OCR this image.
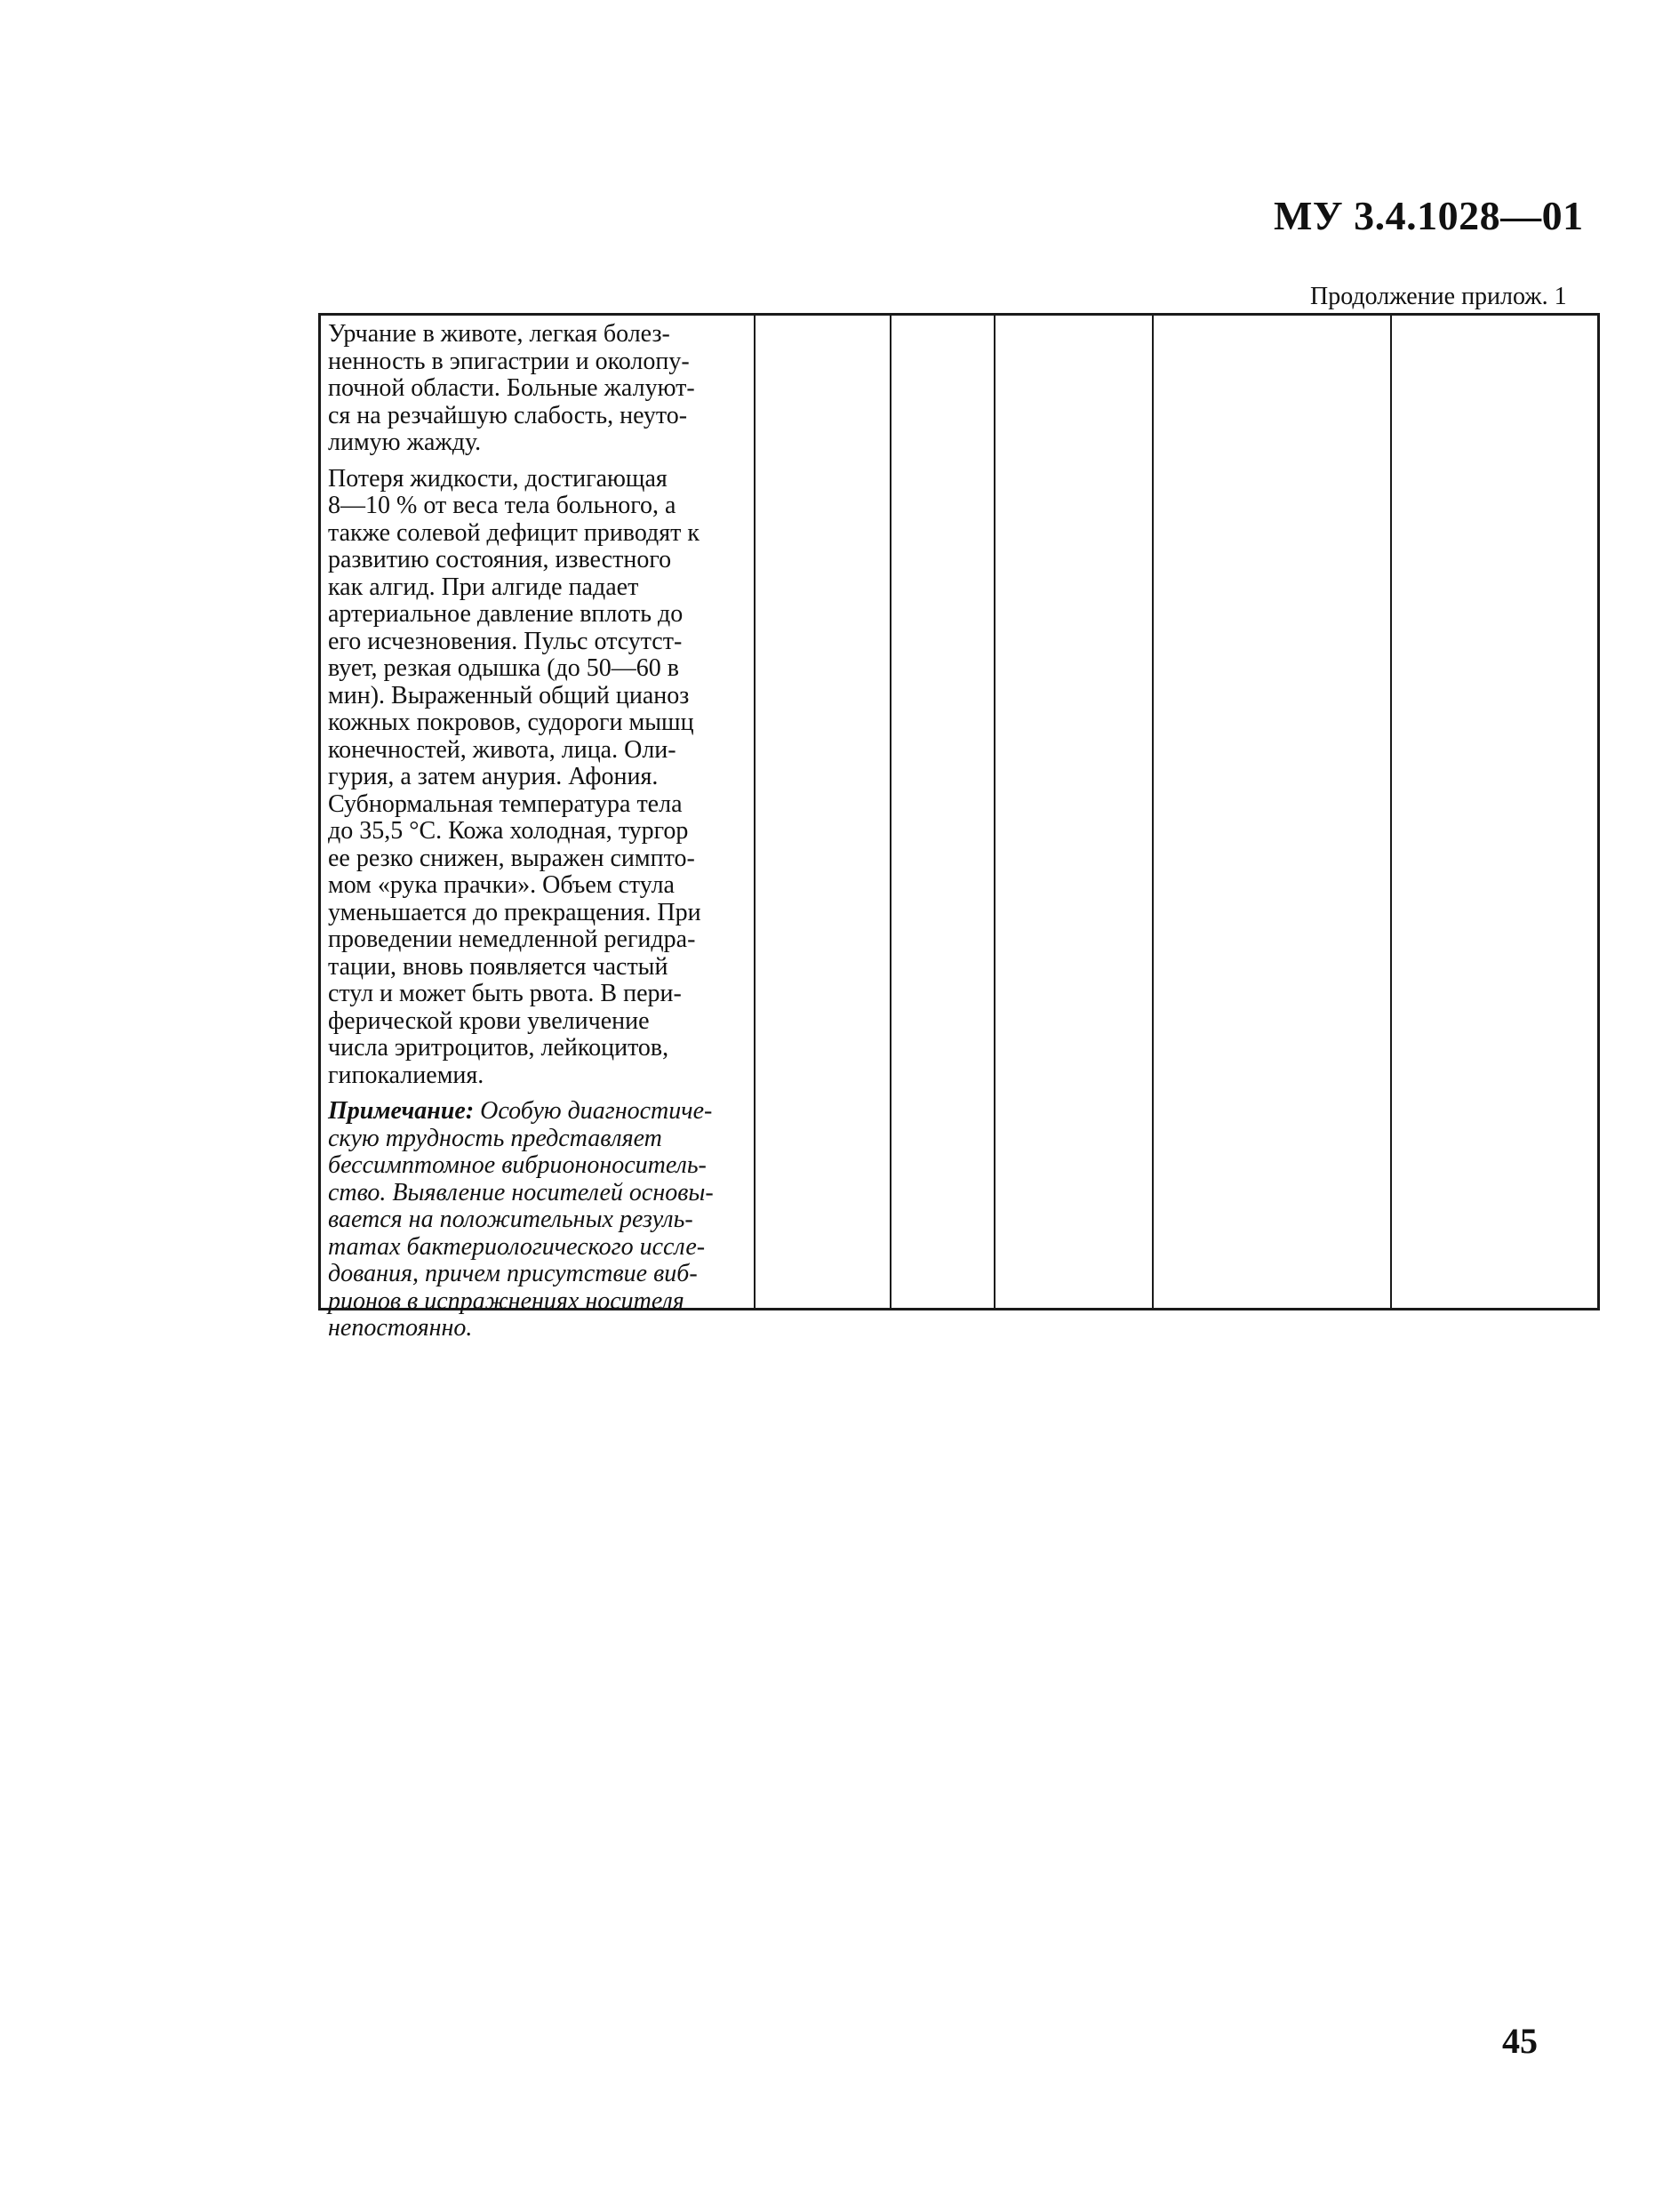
МУ 3.4.1028—01
Продолжение прилож. 1

Урчание в животе, легкая болез-
ненность в эпигастрии и околопу-
почной области. Больные жалуют-
ся на резчайшую слабость, неуто-
лимую жажду.

Потеря жидкости, достигающая
8—10 % от веса тела больного, а
также солевой дефицит приводят к
развитию состояния, известного
как алгид. При алгиде падает
артериальное давление вплоть до
его исчезновения. Пульс отсутст-
вует, резкая одышка (до 50—60 в
мин). Выраженный общий цианоз
кожных покровов, судороги мышц
конечностей, живота, лица. Оли-
гурия, а затем анурия. Афония.
Субнормальная температура тела
до 35,5 °С. Кожа холодная, тургор
ее резко снижен, выражен симпто-
мом «рука прачки». Объем стула
уменьшается до прекращения. При
проведении немедленной регидра-
тации, вновь появляется частый
стул и может быть рвота. В пери-
ферической крови увеличение
числа эритроцитов, лейкоцитов,
гипокалиемия.

Примечание: Особую диагностиче-
скую трудность представляет
бессимптомное вибриононоситель-
ство. Выявление носителей основы-
вается на положительных резуль-
татах бактериологического иссле-
дования, причем присутствие виб-
рионов в испражнениях носителя
непостоянно.

45
